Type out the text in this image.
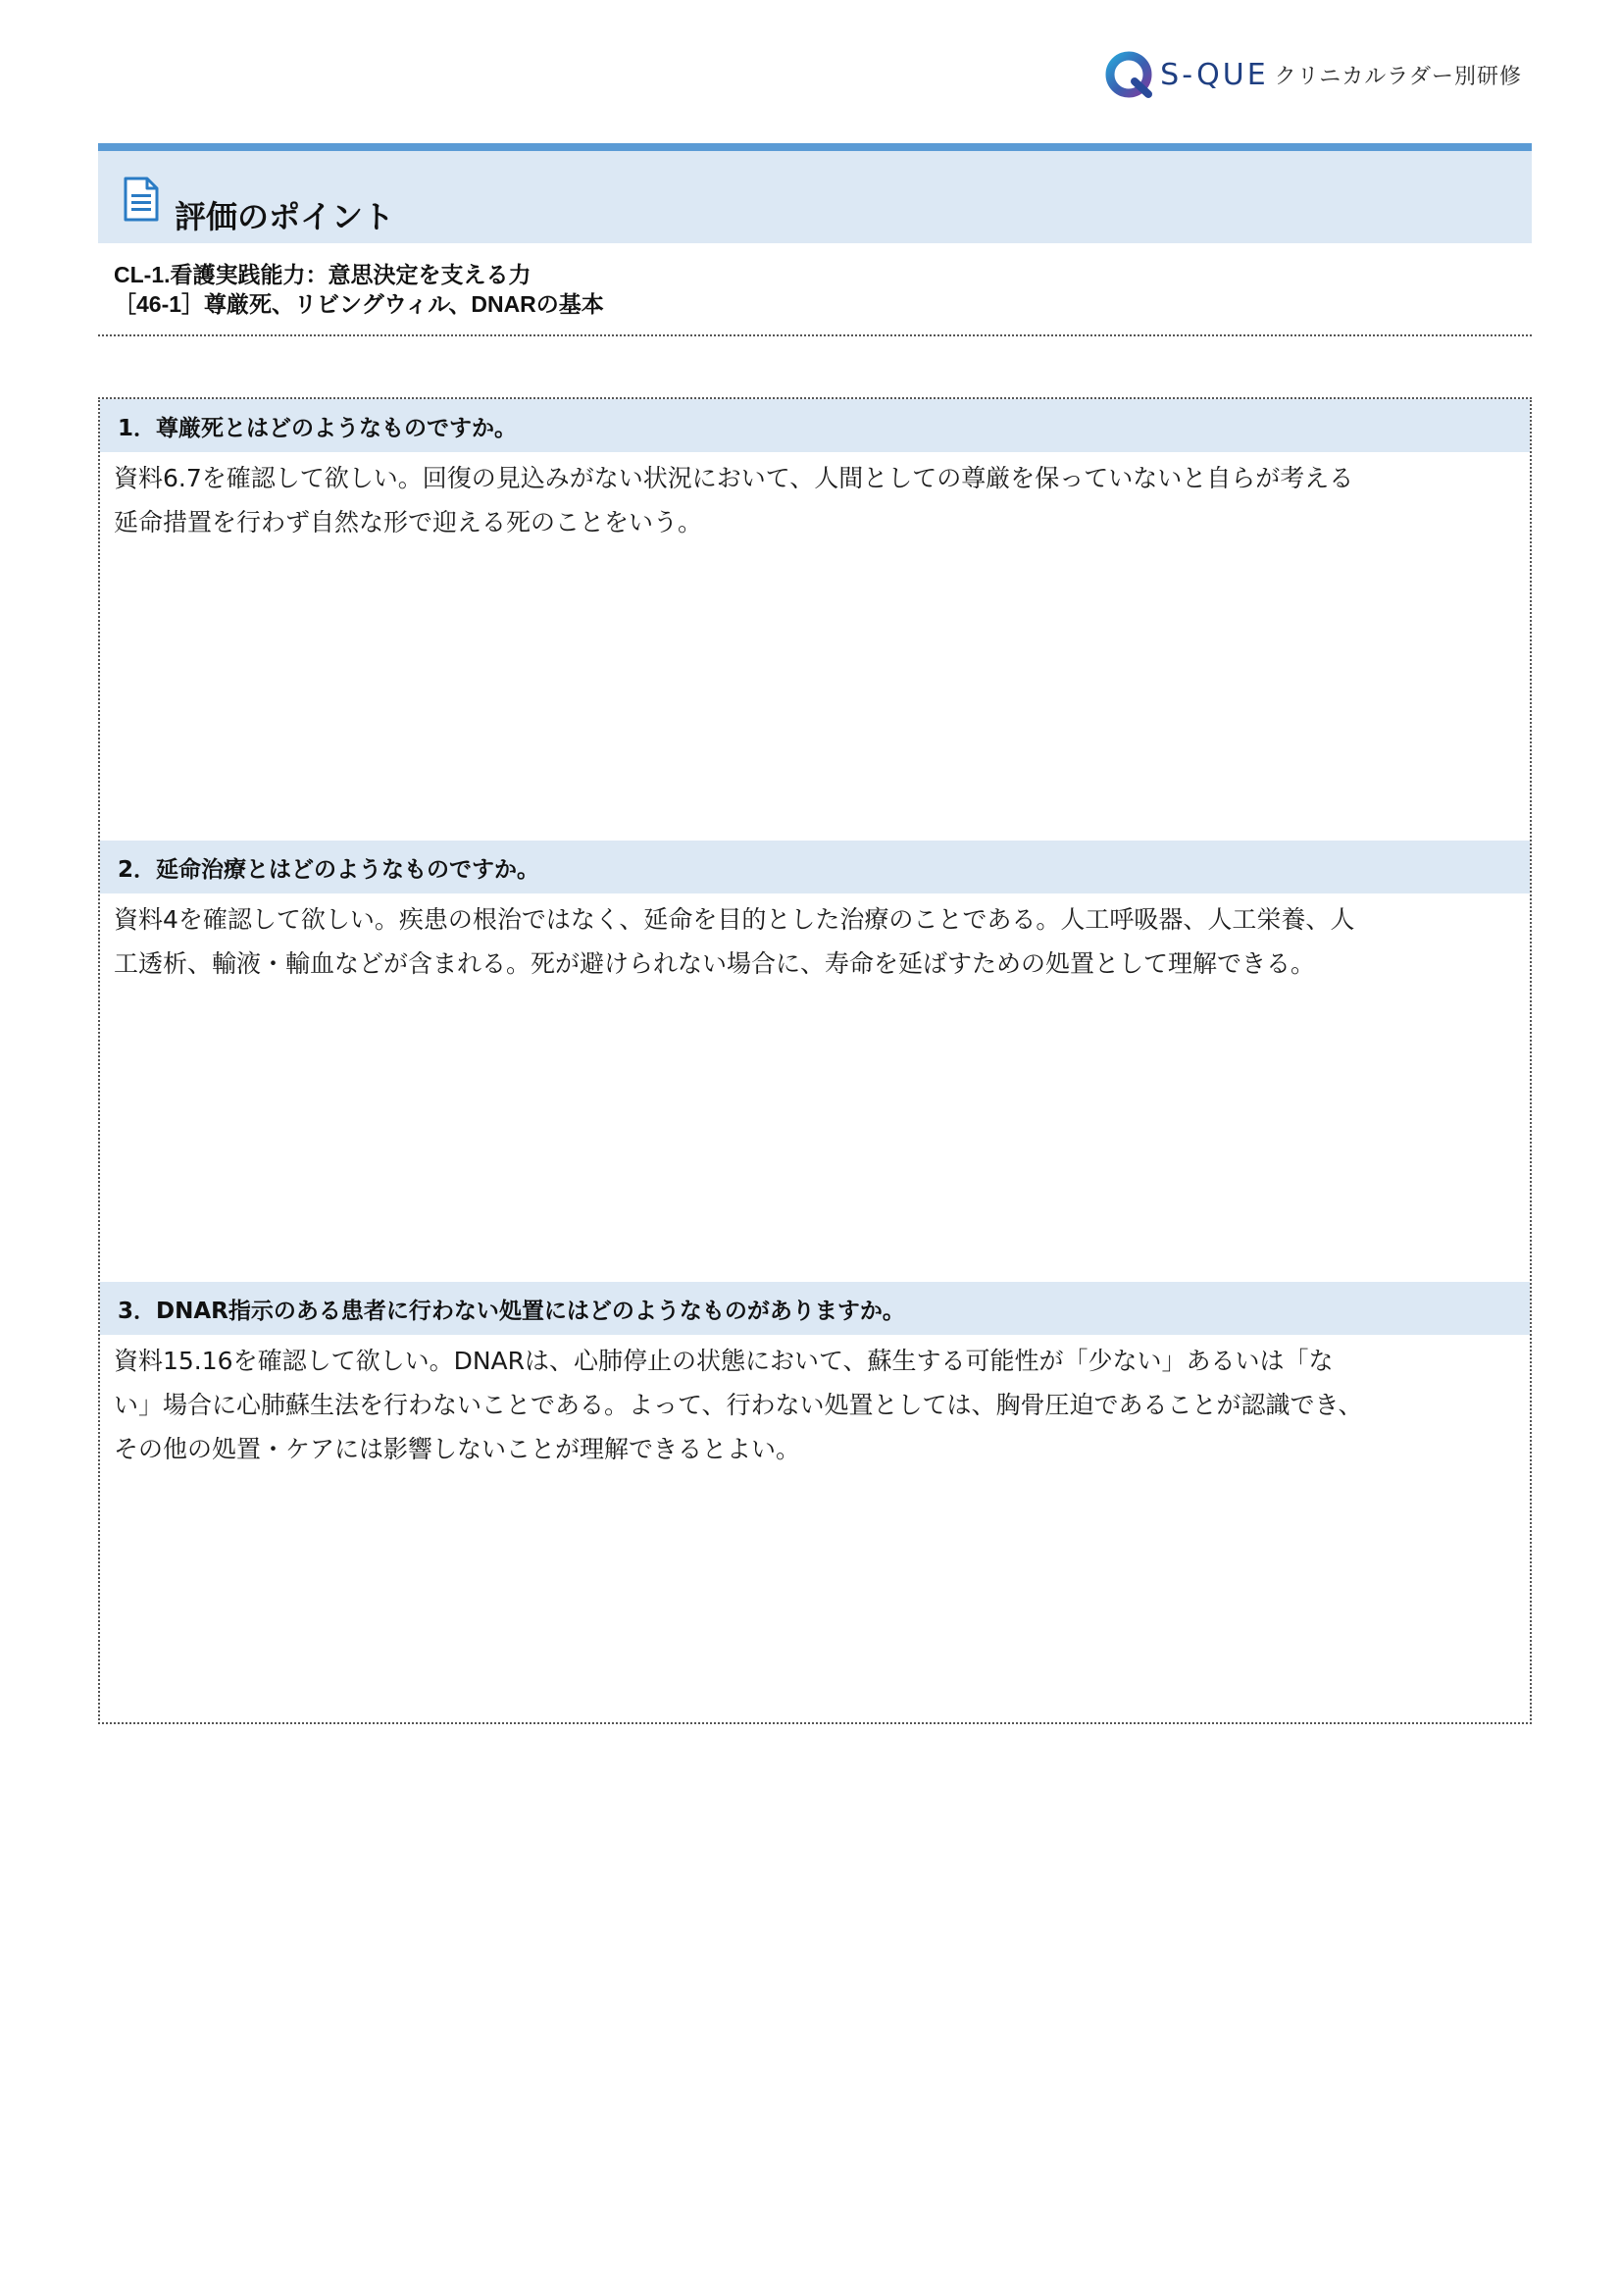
S-QUE クリニカルラダー別研修
評価のポイント
CL-1.看護実践能力：意思決定を支える力
［46-1］尊厳死、リビングウィル、DNARの基本
1．尊厳死とはどのようなものですか。
資料6.7を確認して欲しい。回復の見込みがない状況において、人間としての尊厳を保っていないと自らが考える
延命措置を行わず自然な形で迎える死のことをいう。
2．延命治療とはどのようなものですか。
資料4を確認して欲しい。疾患の根治ではなく、延命を目的とした治療のことである。人工呼吸器、人工栄養、人
工透析、輸液・輸血などが含まれる。死が避けられない場合に、寿命を延ばすための処置として理解できる。
3．DNAR指示のある患者に行わない処置にはどのようなものがありますか。
資料15.16を確認して欲しい。DNARは、心肺停止の状態において、蘇生する可能性が「少ない」あるいは「な
い」場合に心肺蘇生法を行わないことである。よって、行わない処置としては、胸骨圧迫であることが認識でき、
その他の処置・ケアには影響しないことが理解できるとよい。
